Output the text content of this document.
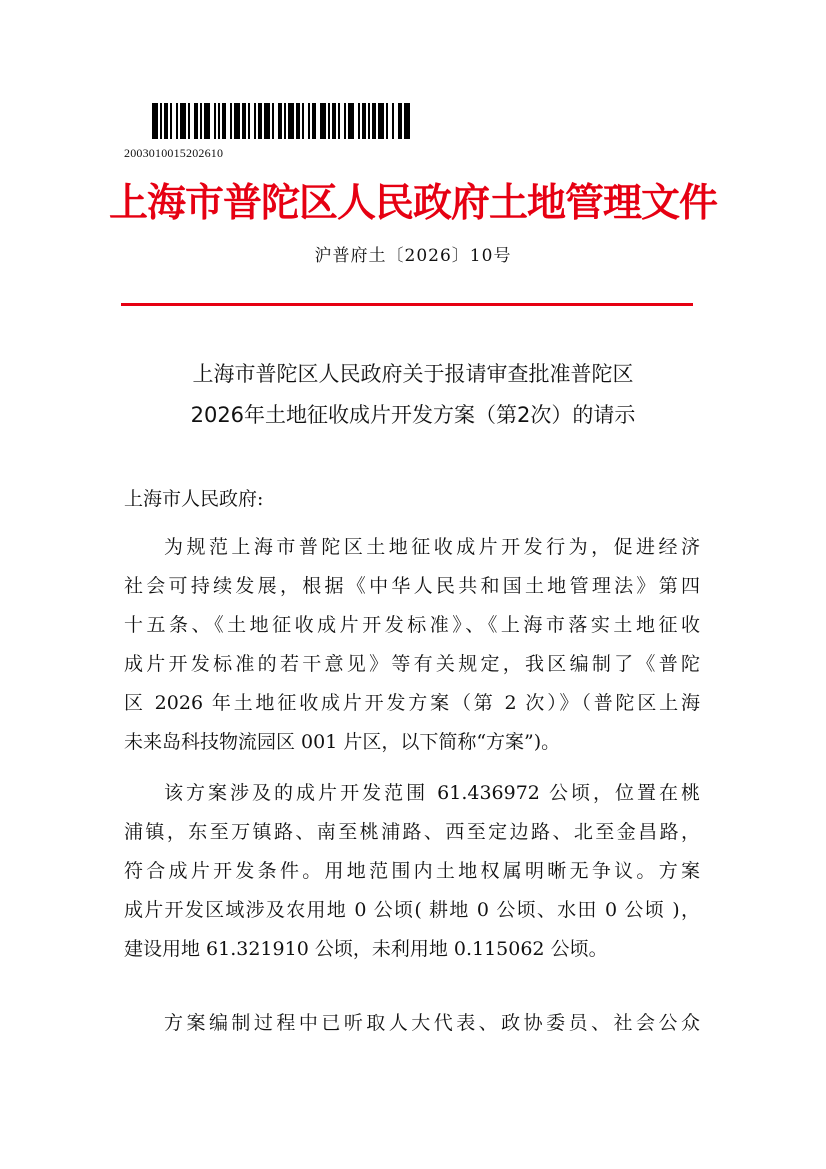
2003010015202610
上海市普陀区人民政府土地管理文件
沪普府土〔2026〕10号
上海市普陀区人民政府关于报请审查批准普陀区
2026年土地征收成片开发方案（第2次）的请示
上海市人民政府:
为规范上海市普陀区土地征收成片开发行为，促进经济
社会可持续发展，根据《中华人民共和国土地管理法》第四
十五条、《土地征收成片开发标准》、《上海市落实土地征收
成片开发标准的若干意见》等有关规定，我区编制了《普陀
区 2026 年土地征收成片开发方案（第 2 次）》（普陀区上海
未来岛科技物流园区 001 片区，以下简称“方案”)。
该方案涉及的成片开发范围 61.436972 公顷，位置在桃
浦镇，东至万镇路、南至桃浦路、西至定边路、北至金昌路，
符合成片开发条件。用地范围内土地权属明晰无争议。方案
成片开发区域涉及农用地 0 公顷( 耕地 0 公顷、水田 0 公顷 )，
建设用地 61.321910 公顷，未利用地 0.115062 公顷。
方案编制过程中已听取人大代表、政协委员、社会公众
